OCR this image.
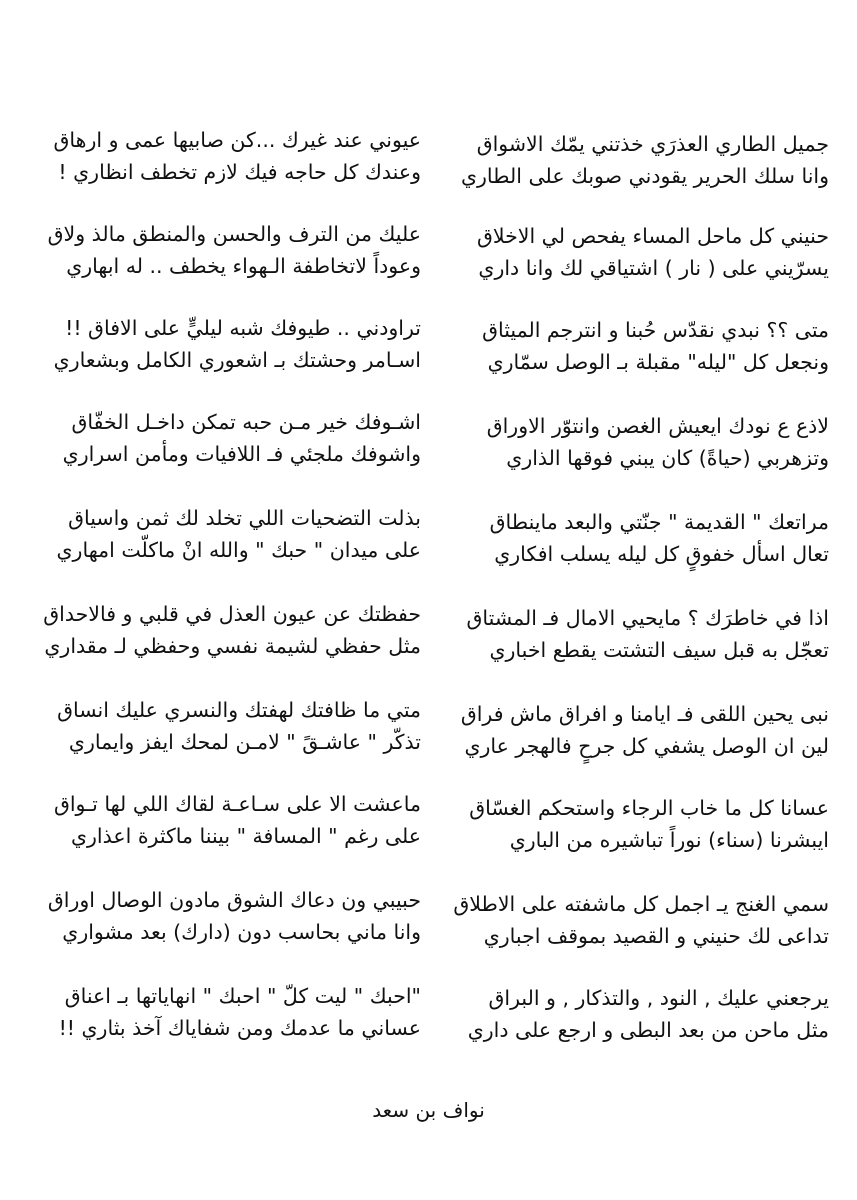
جميل الطاري العذرَي خذتني يمّك الاشواق
وانا سلك الحرير يقودني صوبك على الطاري
حنيني كل ماحل المساء يفحص لي الاخلاق
يسرّيني على ( نار ) اشتياقي لك وانا داري
متى ؟؟ نبدي نقدّس حُبنا و انترجم الميثاق
ونجعل كل "ليله" مقبلة بـ الوصل سمّاري
لاذع ع نودك ايعيش الغصن وانتوّر الاوراق
وتزهربي (حياةً) كان يبني فوقها الذاري
مراتعك " القديمة " جنّتي والبعد ماينطاق
تعال اسأل خفوقٍ كل ليله يسلب افكاري
اذا في خاطرَك ؟ مايحيي الامال فـ المشتاق
تعجّل به قبل سيف التشتت يقطع اخباري
نبى يحين اللقى فـ ايامنا و افراق ماش فراق
لين ان الوصل يشفي كل جرحٍ فالهجر عاري
عسانا كل ما خاب الرجاء واستحكم الغسّاق
ايبشرنا (سناء) نوراً تباشيره من الباري
سمي الغنج يـ اجمل كل ماشفته على الاطلاق
تداعى لك حنيني و القصيد بموقف اجباري
يرجعني عليك , النود , والتذكار , و البراق
مثل ماحن من بعد البطى و ارجع على داري
عيوني عند غيرك ...كن صابيها عمى و ارهاق
وعندك كل حاجه فيك لازم تخطف انظاري !
عليك من الترف والحسن والمنطق مالذ ولاق
وعوداً لاتخاطفة الـهواء يخطف .. له ابهاري
تراودني .. طيوفك شبه ليليٍّ على الافاق !!
اسـامر وحشتك بـ اشعوري الكامل وبشعاري
اشـوفك خير مـن حبه تمكن داخـل الخفّاق
واشوفك ملجئي فـ اللافيات ومأمن اسراري
بذلت التضحيات اللي تخلد لك ثمن واسياق
على ميدان " حبك " والله انْ ماكلّت امهاري
حفظتك عن عيون العذل في قلبي و فالاحداق
مثل حفظي لشيمة نفسي وحفظي لـ مقداري
متي ما ظافتك لهفتك والنسري عليك انساق
تذكّر " عاشـقً " لامـن لمحك ايفز وايماري
ماعشت الا على سـاعـة لقاك اللي لها تـواق
على رغم " المسافة " بيننا ماكثرة اعذاري
حبيبي ون دعاك الشوق مادون الوصال اوراق
وانا ماني بحاسب دون (دارك) بعد مشواري
"احبك " ليت كلّ " احبك " انهاياتها بـ اعناق
عساني ما عدمك ومن شفاياك آخذ بثاري !!
نواف بن سعد
